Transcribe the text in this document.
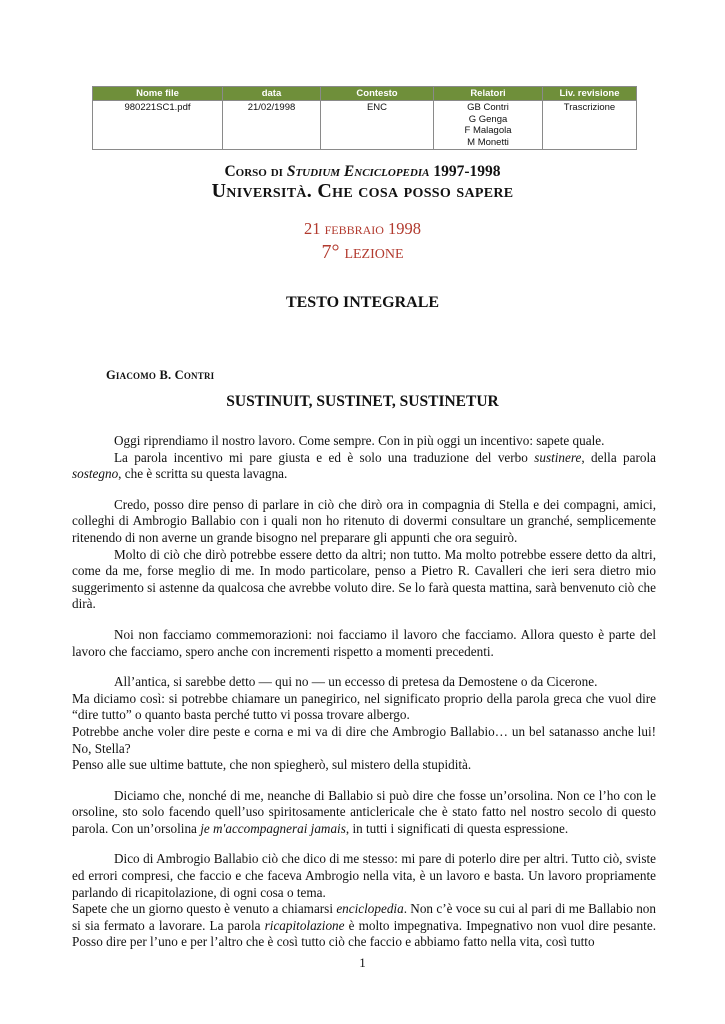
Nome file	data	Contesto	Relatori	Liv. revisione
980221SC1.pdf	21/02/1998	ENC	GB Contri
G Genga
F Malagola
M Monetti	Trascrizione
Corso di Studium Enciclopedia 1997-1998
Università. Che cosa posso sapere
21 febbraio 1998
7° lezione
TESTO INTEGRALE
Giacomo B. Contri
SUSTINUIT, SUSTINET, SUSTINETUR

Oggi riprendiamo il nostro lavoro. Come sempre. Con in più oggi un incentivo: sapete quale.

La parola incentivo mi pare giusta e ed è solo una traduzione del verbo sustinere, della parola sostegno, che è scritta su questa lavagna.

Credo, posso dire penso di parlare in ciò che dirò ora in compagnia di Stella e dei compagni, amici, colleghi di Ambrogio Ballabio con i quali non ho ritenuto di dovermi consultare un granché, semplicemente ritenendo di non averne un grande bisogno nel preparare gli appunti che ora seguirò.

Molto di ciò che dirò potrebbe essere detto da altri; non tutto. Ma molto potrebbe essere detto da altri, come da me, forse meglio di me. In modo particolare, penso a Pietro R. Cavalleri che ieri sera dietro mio suggerimento si astenne da qualcosa che avrebbe voluto dire. Se lo farà questa mattina, sarà benvenuto ciò che dirà.

Noi non facciamo commemorazioni: noi facciamo il lavoro che facciamo. Allora questo è parte del lavoro che facciamo, spero anche con incrementi rispetto a momenti precedenti.

All’antica, si sarebbe detto — qui no — un eccesso di pretesa da Demostene o da Cicerone.

Ma diciamo così: si potrebbe chiamare un panegirico, nel significato proprio della parola greca che vuol dire “dire tutto” o quanto basta perché tutto vi possa trovare albergo.

Potrebbe anche voler dire peste e corna e mi va di dire che Ambrogio Ballabio… un bel satanasso anche lui! No, Stella?

Penso alle sue ultime battute, che non spiegherò, sul mistero della stupidità.

Diciamo che, nonché di me, neanche di Ballabio si può dire che fosse un’orsolina. Non ce l’ho con le orsoline, sto solo facendo quell’uso spiritosamente anticlericale che è stato fatto nel nostro secolo di questo parola. Con un’orsolina je m'accompagnerai jamais, in tutti i significati di questa espressione.

Dico di Ambrogio Ballabio ciò che dico di me stesso: mi pare di poterlo dire per altri. Tutto ciò, sviste ed errori compresi, che faccio e che faceva Ambrogio nella vita, è un lavoro e basta. Un lavoro propriamente parlando di ricapitolazione, di ogni cosa o tema.

Sapete che un giorno questo è venuto a chiamarsi enciclopedia. Non c’è voce su cui al pari di me Ballabio non si sia fermato a lavorare. La parola ricapitolazione è molto impegnativa. Impegnativo non vuol dire pesante. Posso dire per l’uno e per l’altro che è così tutto ciò che faccio e abbiamo fatto nella vita, così tutto

1
